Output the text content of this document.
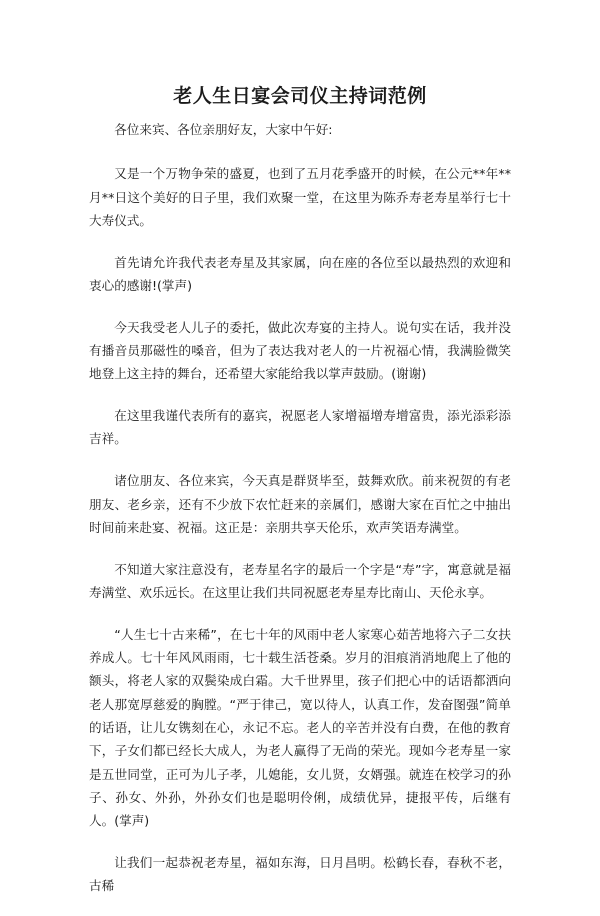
老人生日宴会司仪主持词范例

各位来宾、各位亲朋好友，大家中午好:

又是一个万物争荣的盛夏，也到了五月花季盛开的时候，在公元**年**月**日这个美好的日子里，我们欢聚一堂，在这里为陈乔寿老寿星举行七十大寿仪式。

首先请允许我代表老寿星及其家属，向在座的各位至以最热烈的欢迎和衷心的感谢!(掌声)

今天我受老人儿子的委托，做此次寿宴的主持人。说句实在话，我并没有播音员那磁性的嗓音，但为了表达我对老人的一片祝福心情，我满脸微笑地登上这主持的舞台，还希望大家能给我以掌声鼓励。(谢谢)

在这里我谨代表所有的嘉宾，祝愿老人家增福增寿增富贵，添光添彩添吉祥。

诸位朋友、各位来宾，今天真是群贤毕至，鼓舞欢欣。前来祝贺的有老朋友、老乡亲，还有不少放下农忙赶来的亲属们，感谢大家在百忙之中抽出时间前来赴宴、祝福。这正是：亲朋共享天伦乐，欢声笑语寿满堂。

不知道大家注意没有，老寿星名字的最后一个字是“寿”字，寓意就是福寿满堂、欢乐远长。在这里让我们共同祝愿老寿星寿比南山、天伦永享。

“人生七十古来稀”，在七十年的风雨中老人家寒心茹苦地将六子二女扶养成人。七十年风风雨雨，七十载生活苍桑。岁月的泪痕消消地爬上了他的额头，将老人家的双鬓染成白霜。大千世界里，孩子们把心中的话语都洒向老人那宽厚慈爱的胸膛。“严于律己，宽以待人，认真工作，发奋图强”简单的话语，让儿女镌刻在心，永记不忘。老人的辛苦并没有白费，在他的教育下，子女们都已经长大成人，为老人赢得了无尚的荣光。现如今老寿星一家是五世同堂，正可为儿子孝，儿媳能，女儿贤，女婿强。就连在校学习的孙子、孙女、外孙，外孙女们也是聪明伶俐，成绩优异，捷报平传，后继有人。(掌声)

让我们一起恭祝老寿星，福如东海，日月昌明。松鹤长春，春秋不老，古稀
